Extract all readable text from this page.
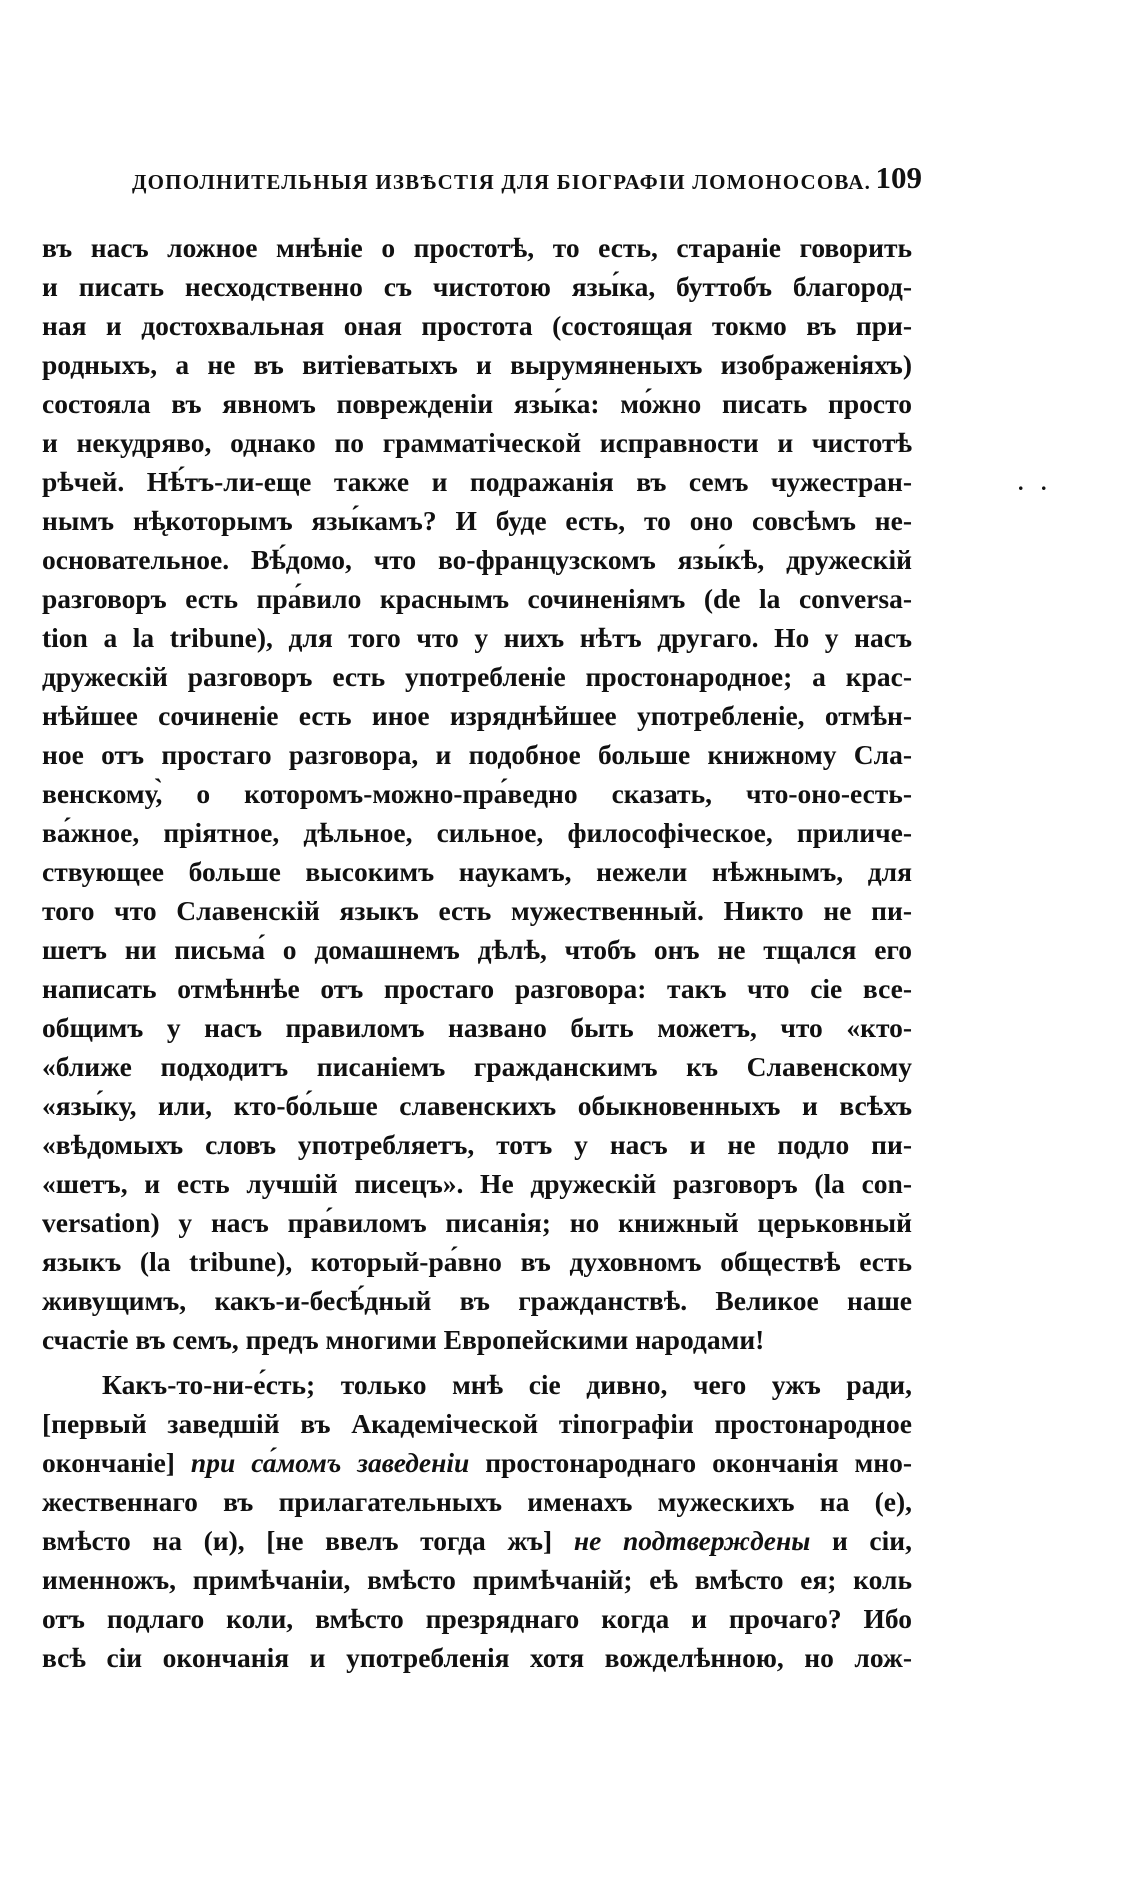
ДОПОЛНИТЕЛЬНЫЯ ИЗВѢСТІЯ ДЛЯ БІОГРАФІИ ЛОМОНОСОВА. 109
. .
въ насъ ложное мнѣніе о простотѣ, то есть, стараніе говорить
и писать несходственно съ чистотою язы́ка, буттобъ благород-
ная и достохвальная оная простота (состоящая токмо въ при-
родныхъ, а не въ витіеватыхъ и вырумяненыхъ изображеніяхъ)
состояла въ явномъ поврежденіи язы́ка: мо́жно писать просто
и некудряво, однако по грамматіческой исправности и чистотѣ
рѣчей. Нѣ́тъ-ли-еще также и подражанія въ семъ чужестран-
нымъ нѣ̨которымъ язы́камъ? И буде есть, то оно совсѣмъ не-
основательное. Вѣ́домо, что во-французскомъ язы́кѣ, дружескій
разговоръ есть пра́вило краснымъ сочиненіямъ (de la conversa-
tion a la tribune), для того что у нихъ нѣтъ другаго. Но у насъ
дружескій разговоръ есть употребленіе простонародное; а крас-
нѣйшее сочиненіе есть иное изряднѣйшее употребленіе, отмѣн-
ное отъ простаго разговора, и подобное больше книжному Сла-
венскому,̀ о которомъ-можно-пра́ведно сказать, что-оно-есть-
ва́жное, пріятное, дѣльное, сильное, философіческое, приличе-
ствующее больше высокимъ наукамъ, нежели нѣжнымъ, для
того что Славенскій языкъ есть мужественный. Никто не пи-
шетъ ни письма́ о домашнемъ дѣлѣ, чтобъ онъ не тщался его
написать отмѣннѣе отъ простаго разговора: такъ что сіе все-
общимъ у насъ правиломъ названо быть можетъ, что «кто-
«ближе подходитъ писаніемъ гражданскимъ къ Славенскому
«язы́ку, или, кто-бо́льше славенскихъ обыкновенныхъ и всѣхъ
«вѣдомыхъ словъ употребляетъ, тотъ у насъ и не подло пи-
«шетъ, и есть лучшій писецъ». Не дружескій разговоръ (la con-
versation) у насъ пра́виломъ писанія; но книжный церьковный
языкъ (la tribune), который-ра́вно въ духовномъ обществѣ есть
живущимъ, какъ-и-бесѣ́дный въ гражданствѣ. Великое наше
счастіе въ семъ, предъ многими Европейскими народами!
Какъ-то-ни-е́сть; только мнѣ сіе дивно, чего ужъ ради,
[первый заведшій въ Академіческой тіпографіи простонародное
окончаніе] при са́момъ заведеніи простонароднаго окончанія мно-
жественнаго въ прилагательныхъ именахъ мужескихъ на (е),
вмѣсто на (и), [не ввелъ тогда жъ] не подтверждены и сіи,
именножъ, примѣчаніи, вмѣсто примѣчаній; еѣ вмѣсто ея; коль
отъ подлаго коли, вмѣсто презряднаго когда и прочаго? Ибо
всѣ сіи окончанія и употребленія хотя вожделѣнною, но лож-
